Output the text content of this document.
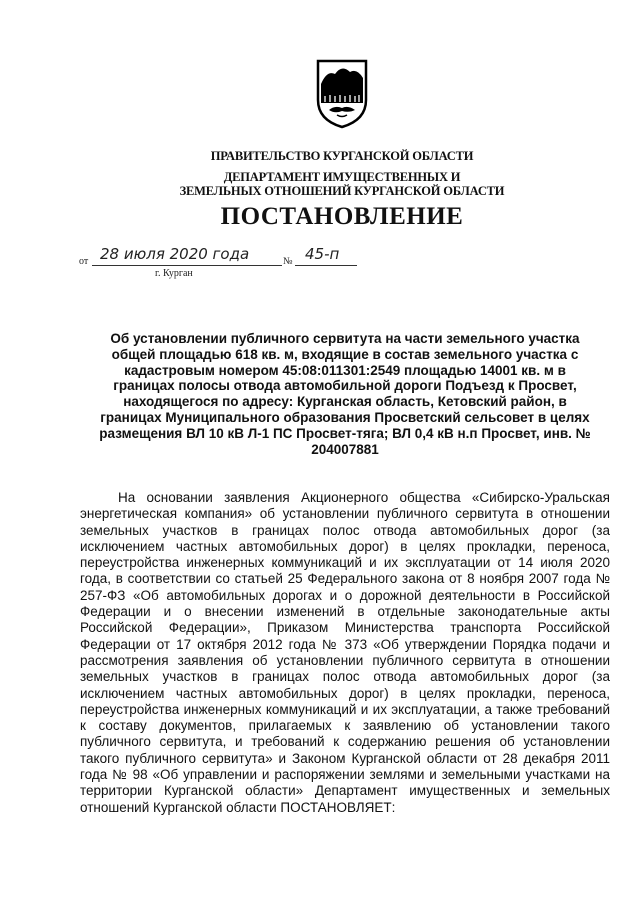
ПРАВИТЕЛЬСТВО КУРГАНСКОЙ ОБЛАСТИ
ДЕПАРТАМЕНТ ИМУЩЕСТВЕННЫХ И
ЗЕМЕЛЬНЫХ ОТНОШЕНИЙ КУРГАНСКОЙ ОБЛАСТИ
ПОСТАНОВЛЕНИЕ
от 28 июля 2020 года	№ 45-п
г. Курган
Об установлении публичного сервитута на части земельного участка общей площадью 618 кв. м, входящие в состав земельного участка с кадастровым номером 45:08:011301:2549 площадью 14001 кв. м в границах полосы отвода автомобильной дороги Подъезд к Просвет, находящегося по адресу: Курганская область, Кетовский район, в границах Муниципального образования Просветский сельсовет в целях размещения ВЛ 10 кВ Л-1 ПС Просвет-тяга; ВЛ 0,4 кВ н.п Просвет, инв. № 204007881
На основании заявления Акционерного общества «Сибирско-Уральская энергетическая компания» об установлении публичного сервитута в отношении земельных участков в границах полос отвода автомобильных дорог (за исключением частных автомобильных дорог) в целях прокладки, переноса, переустройства инженерных коммуникаций и их эксплуатации от 14 июля 2020 года, в соответствии со статьей 25 Федерального закона от 8 ноября 2007 года № 257-ФЗ «Об автомобильных дорогах и о дорожной деятельности в Российской Федерации и о внесении изменений в отдельные законодательные акты Российской Федерации», Приказом Министерства транспорта Российской Федерации от 17 октября 2012 года № 373 «Об утверждении Порядка подачи и рассмотрения заявления об установлении публичного сервитута в отношении земельных участков в границах полос отвода автомобильных дорог (за исключением частных автомобильных дорог) в целях прокладки, переноса, переустройства инженерных коммуникаций и их эксплуатации, а также требований к составу документов, прилагаемых к заявлению об установлении такого публичного сервитута, и требований к содержанию решения об установлении такого публичного сервитута» и Законом Курганской области от 28 декабря 2011 года № 98 «Об управлении и распоряжении землями и земельными участками на территории Курганской области» Департамент имущественных и земельных отношений Курганской области ПОСТАНОВЛЯЕТ:
